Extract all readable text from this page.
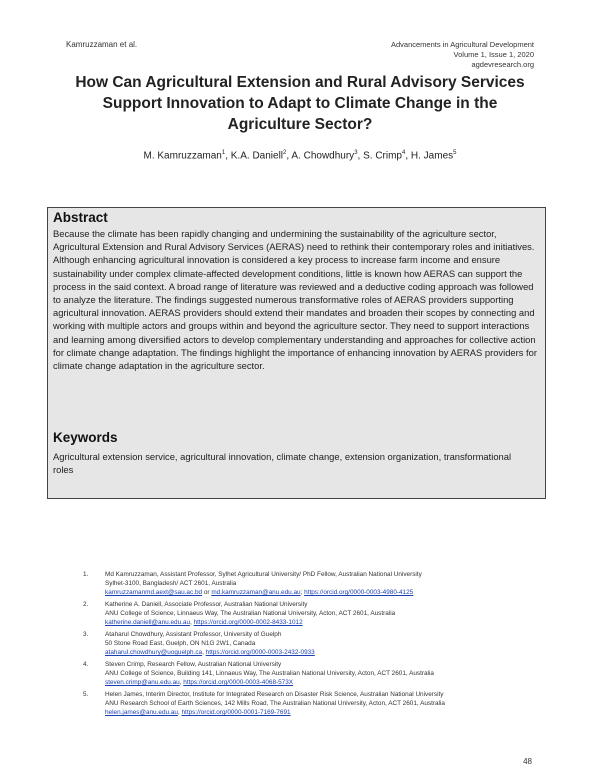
Kamruzzaman et al.	Advancements in Agricultural Development
Volume 1, Issue 1, 2020
agdevresearch.org
How Can Agricultural Extension and Rural Advisory Services Support Innovation to Adapt to Climate Change in the Agriculture Sector?
M. Kamruzzaman$^1$, K.A. Daniell$^2$, A. Chowdhury$^3$, S. Crimp$^4$, H. James$^5$
Abstract
Because the climate has been rapidly changing and undermining the sustainability of the agriculture sector, Agricultural Extension and Rural Advisory Services (AERAS) need to rethink their contemporary roles and initiatives. Although enhancing agricultural innovation is considered a key process to increase farm income and ensure sustainability under complex climate-affected development conditions, little is known how AERAS can support the process in the said context. A broad range of literature was reviewed and a deductive coding approach was followed to analyze the literature. The findings suggested numerous transformative roles of AERAS providers supporting agricultural innovation. AERAS providers should extend their mandates and broaden their scopes by connecting and working with multiple actors and groups within and beyond the agriculture sector. They need to support interactions and learning among diversified actors to develop complementary understanding and approaches for collective action for climate change adaptation. The findings highlight the importance of enhancing innovation by AERAS providers for climate change adaptation in the agriculture sector.
Keywords
Agricultural extension service, agricultural innovation, climate change, extension organization, transformational roles
1.	Md Kamruzzaman, Assistant Professor, Sylhet Agricultural University/ PhD Fellow, Australian National University
Sylhet-3100, Bangladesh/ ACT 2601, Australia
kamruzzamanmd.aext@sau.ac.bd or md.kamruzzaman@anu.edu.au; https://orcid.org/0000-0003-4980-4125
2.	Katherine A. Daniell, Associate Professor, Australian National University
ANU College of Science, Linnaeus Way, The Australian National University, Acton, ACT 2601, Australia
katherine.daniell@anu.edu.au, https://orcid.org/0000-0002-8433-1012
3.	Ataharul Chowdhury, Assistant Professor, University of Guelph
50 Stone Road East, Guelph, ON N1G 2W1, Canada
ataharul.chowdhury@uoguelph.ca, https://orcid.org/0000-0003-2432-0933
4.	Steven Crimp, Research Fellow, Australian National University
ANU College of Science, Building 141, Linnaeus Way, The Australian National University, Acton, ACT 2601, Australia
steven.crimp@anu.edu.au, https://orcid.org/0000-0003-4068-573X
5.	Helen James, Interim Director, Institute for Integrated Research on Disaster Risk Science, Australian National University
ANU Research School of Earth Sciences, 142 Mills Road, The Australian National University, Acton, ACT 2601, Australia
helen.james@anu.edu.au, https://orcid.org/0000-0001-7169-7691
48
